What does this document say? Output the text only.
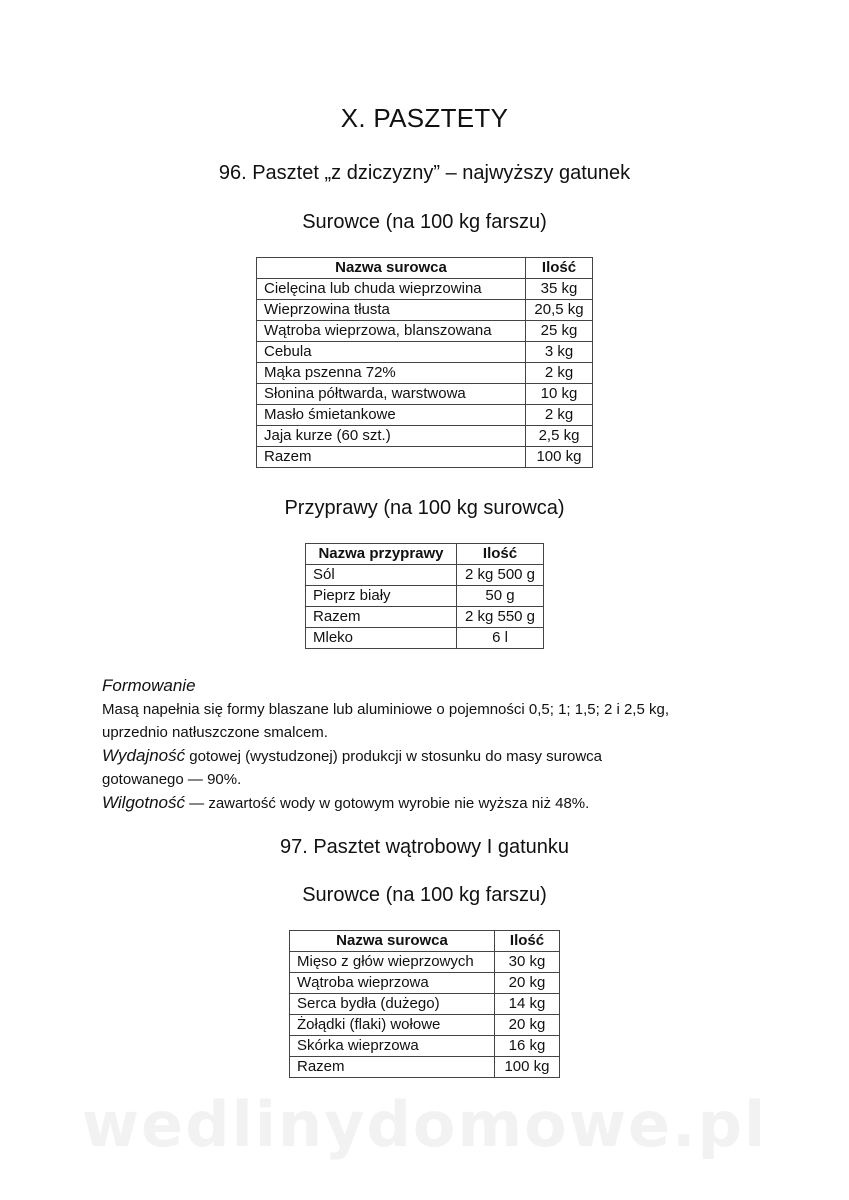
wedlinydomowe.pl
X. PASZTETY
96. Pasztet „z dziczyzny” – najwyższy gatunek
Surowce (na 100 kg farszu)
Nazwa surowca	Ilość
Cielęcina lub chuda wieprzowina	35 kg
Wieprzowina tłusta	20,5 kg
Wątroba wieprzowa, blanszowana	25 kg
Cebula	3 kg
Mąka pszenna 72%	2 kg
Słonina półtwarda, warstwowa	10 kg
Masło śmietankowe	2 kg
Jaja kurze (60 szt.)	2,5 kg
Razem	100 kg
Przyprawy (na 100 kg surowca)
Nazwa przyprawy	Ilość
Sól	2 kg 500 g
Pieprz biały	50 g
Razem	2 kg 550 g
Mleko	6 l
Formowanie
Masą napełnia się formy blaszane lub aluminiowe o pojemności 0,5; 1; 1,5; 2 i 2,5 kg,
uprzednio natłuszczone smalcem.
Wydajność gotowej (wystudzonej) produkcji w stosunku do masy surowca
gotowanego — 90%.
Wilgotność — zawartość wody w gotowym wyrobie nie wyższa niż 48%.
97. Pasztet wątrobowy I gatunku
Surowce (na 100 kg farszu)
Nazwa surowca	Ilość
Mięso z głów wieprzowych	30 kg
Wątroba wieprzowa	20 kg
Serca bydła (dużego)	14 kg
Żołądki (flaki) wołowe	20 kg
Skórka wieprzowa	16 kg
Razem	100 kg
